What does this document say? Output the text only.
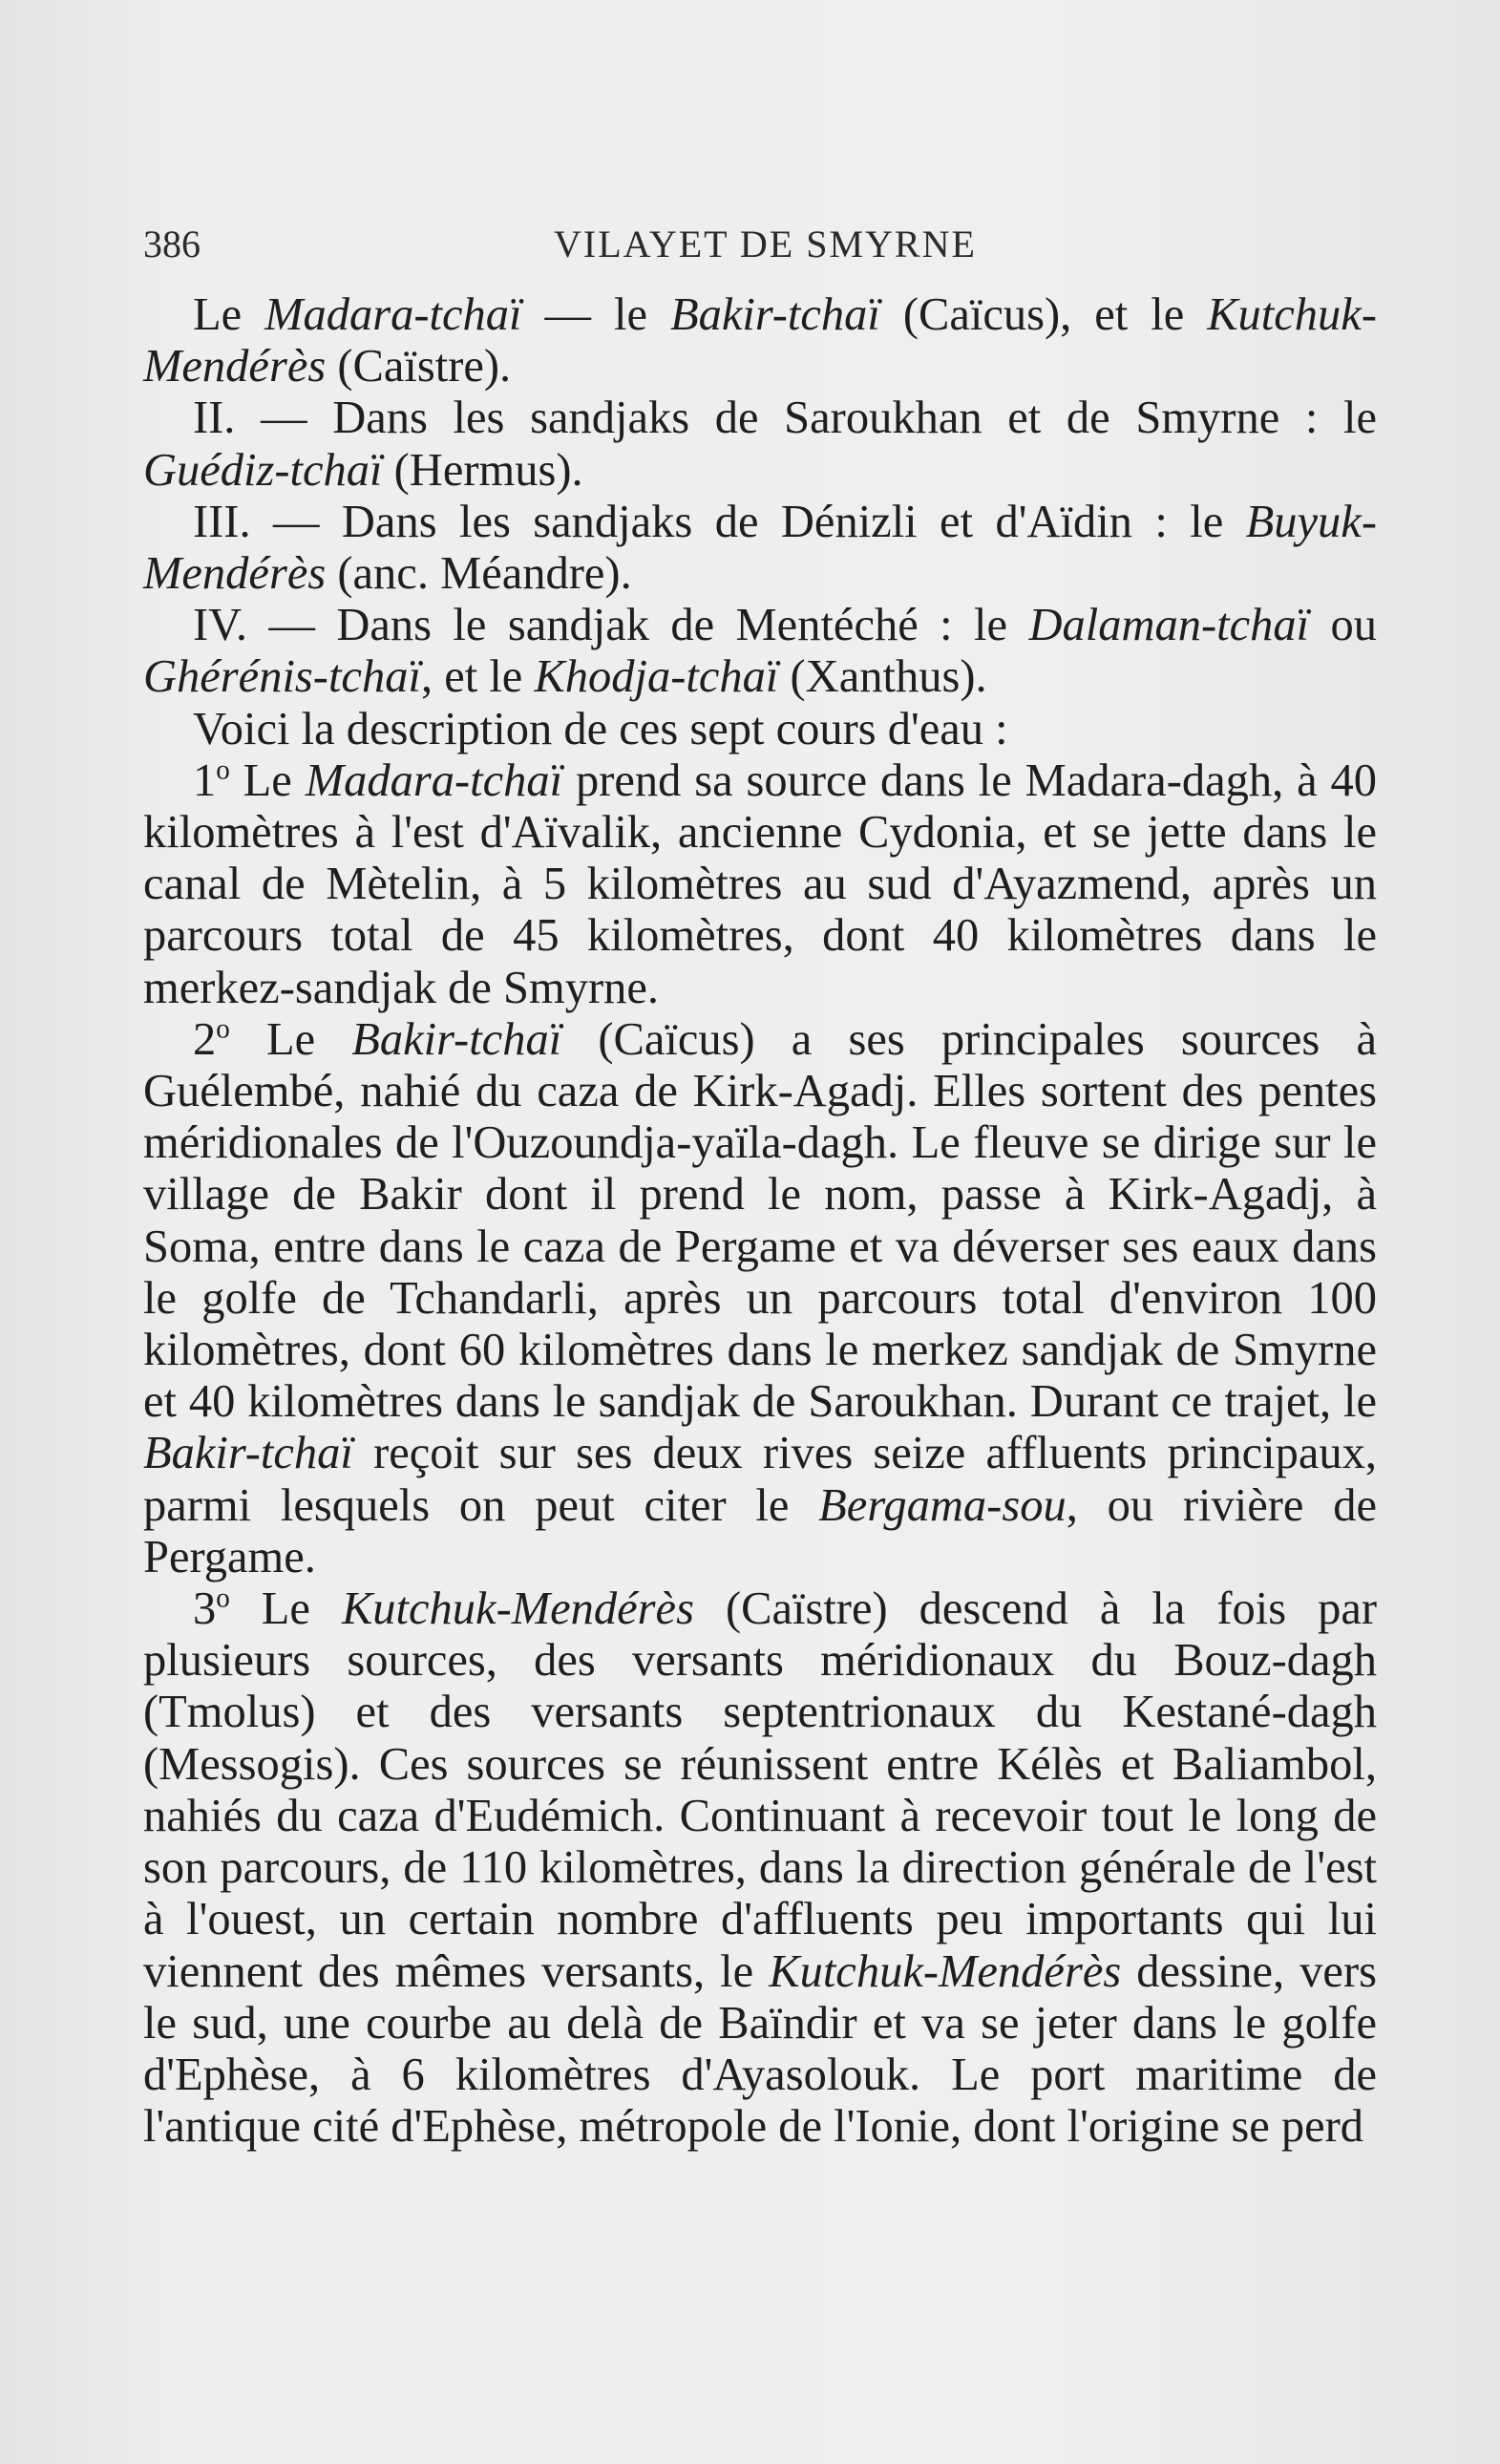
386	VILAYET DE SMYRNE

Le Madara-tchaï — le Bakir-tchaï (Caïcus), et le Kutchuk-Mendérès (Caïstre).

II. — Dans les sandjaks de Saroukhan et de Smyrne : le Guédiz-tchaï (Hermus).

III. — Dans les sandjaks de Dénizli et d'Aïdin : le Buyuk-Mendérès (anc. Méandre).

IV. — Dans le sandjak de Mentéché : le Dalaman-tchaï ou Ghérénis-tchaï, et le Khodja-tchaï (Xanthus).

Voici la description de ces sept cours d'eau :

1$^o$ Le Madara-tchaï prend sa source dans le Madara-dagh, à 40 kilomètres à l'est d'Aïvalik, ancienne Cydonia, et se jette dans le canal de Mètelin, à 5 kilomètres au sud d'Ayazmend, après un parcours total de 45 kilomètres, dont 40 kilomètres dans le merkez-sandjak de Smyrne.

2$^o$ Le Bakir-tchaï (Caïcus) a ses principales sources à Guélembé, nahié du caza de Kirk-Agadj. Elles sortent des pentes méridionales de l'Ouzoundja-yaïla-dagh. Le fleuve se dirige sur le village de Bakir dont il prend le nom, passe à Kirk-Agadj, à Soma, entre dans le caza de Pergame et va déverser ses eaux dans le golfe de Tchandarli, après un parcours total d'environ 100 kilomètres, dont 60 kilomètres dans le merkez sandjak de Smyrne et 40 kilomètres dans le sandjak de Saroukhan. Durant ce trajet, le Bakir-tchaï reçoit sur ses deux rives seize affluents principaux, parmi lesquels on peut citer le Bergama-sou, ou rivière de Pergame.

3$^o$ Le Kutchuk-Mendérès (Caïstre) descend à la fois par plusieurs sources, des versants méridionaux du Bouz-dagh (Tmolus) et des versants septentrionaux du Kestané-dagh (Messogis). Ces sources se réunissent entre Kélès et Baliambol, nahiés du caza d'Eudémich. Continuant à recevoir tout le long de son parcours, de 110 kilomètres, dans la direction générale de l'est à l'ouest, un certain nombre d'affluents peu importants qui lui viennent des mêmes versants, le Kutchuk-Mendérès dessine, vers le sud, une courbe au delà de Baïndir et va se jeter dans le golfe d'Ephèse, à 6 kilomètres d'Ayasolouk. Le port maritime de l'antique cité d'Ephèse, métropole de l'Ionie, dont l'origine se perd
